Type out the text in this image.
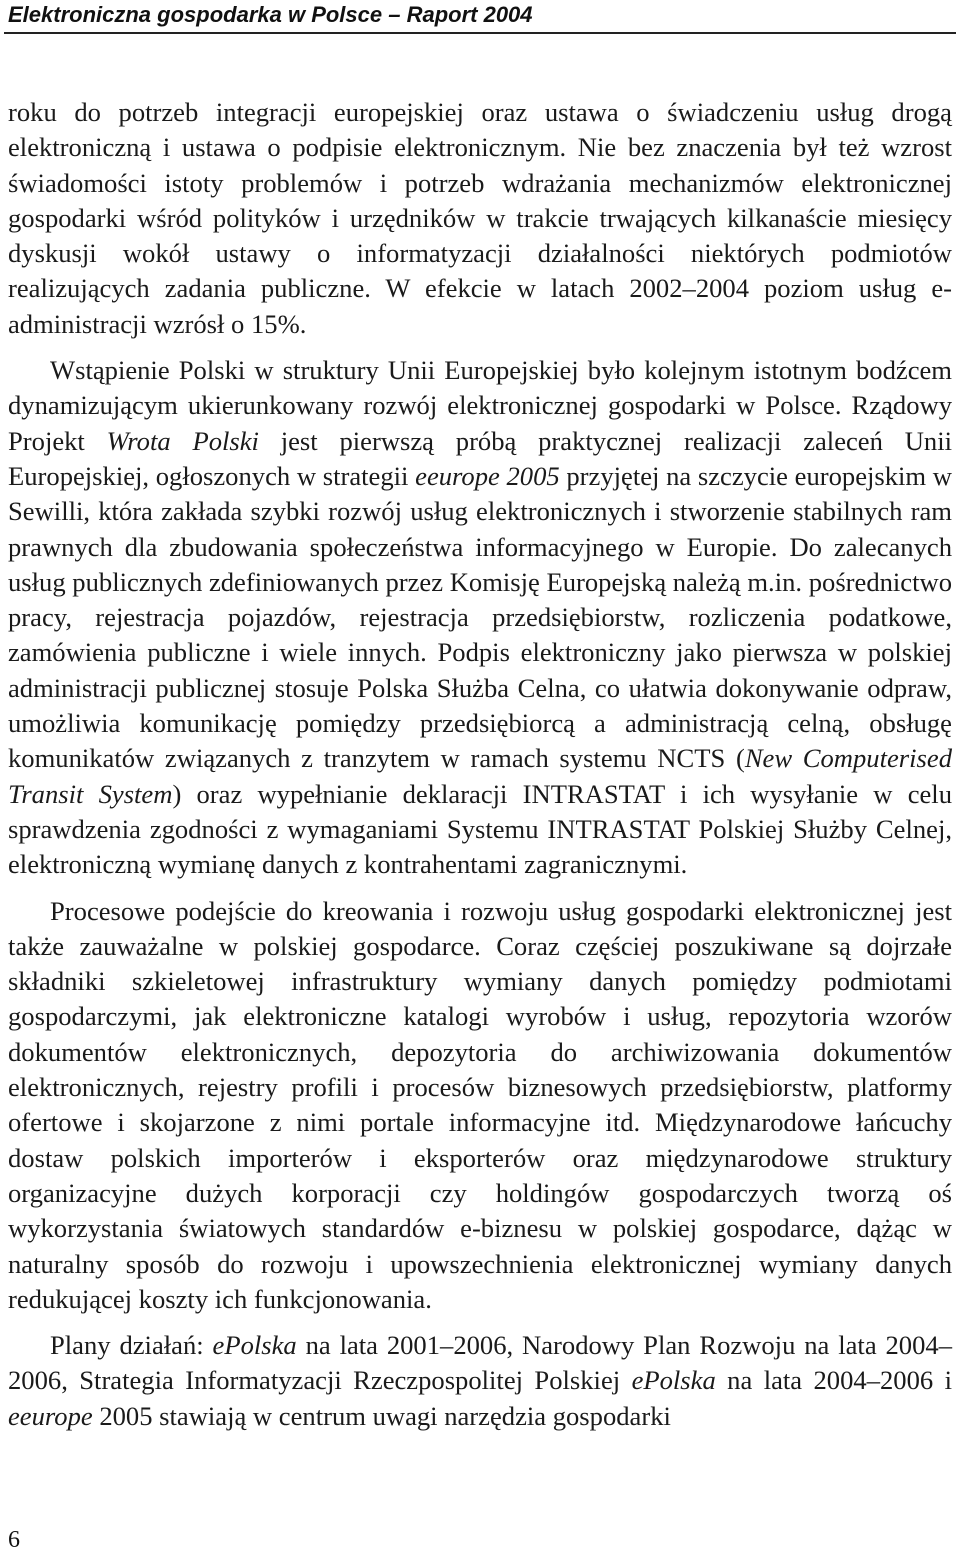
Elektroniczna gospodarka w Polsce – Raport 2004

roku do potrzeb integracji europejskiej oraz ustawa o świadczeniu usług drogą elektroniczną i ustawa o podpisie elektronicznym. Nie bez znaczenia był też wzrost świadomości istoty problemów i potrzeb wdrażania mechanizmów elektronicznej gospodarki wśród polityków i urzędników w trakcie trwających kilkanaście miesięcy dyskusji wokół ustawy o informatyzacji działalności niektórych podmiotów realizujących zadania publiczne. W efekcie w latach 2002–2004 poziom usług e-administracji wzrósł o 15%.

Wstąpienie Polski w struktury Unii Europejskiej było kolejnym istotnym bodźcem dynamizującym ukierunkowany rozwój elektronicznej gospodarki w Polsce. Rządowy Projekt Wrota Polski jest pierwszą próbą praktycznej realizacji zaleceń Unii Europejskiej, ogłoszonych w strategii eeurope 2005 przyjętej na szczycie europejskim w Sewilli, która zakłada szybki rozwój usług elektronicznych i stworzenie stabilnych ram prawnych dla zbudowania społeczeństwa informacyjnego w Europie. Do zalecanych usług publicznych zdefiniowanych przez Komisję Europejską należą m.in. pośrednictwo pracy, rejestracja pojazdów, rejestracja przedsiębiorstw, rozliczenia podatkowe, zamówienia publiczne i wiele innych. Podpis elektroniczny jako pierwsza w polskiej administracji publicznej stosuje Polska Służba Celna, co ułatwia dokonywanie odpraw, umożliwia komunikację pomiędzy przedsiębiorcą a administracją celną, obsługę komunikatów związanych z tranzytem w ramach systemu NCTS (New Computerised Transit System) oraz wypełnianie deklaracji INTRASTAT i ich wysyłanie w celu sprawdzenia zgodności z wymaganiami Systemu INTRASTAT Polskiej Służby Celnej, elektroniczną wymianę danych z kontrahentami zagranicznymi.

Procesowe podejście do kreowania i rozwoju usług gospodarki elektronicznej jest także zauważalne w polskiej gospodarce. Coraz częściej poszukiwane są dojrzałe składniki szkieletowej infrastruktury wymiany danych pomiędzy podmiotami gospodarczymi, jak elektroniczne katalogi wyrobów i usług, repozytoria wzorów dokumentów elektronicznych, depozytoria do archiwizowania dokumentów elektronicznych, rejestry profili i procesów biznesowych przedsiębiorstw, platformy ofertowe i skojarzone z nimi portale informacyjne itd. Międzynarodowe łańcuchy dostaw polskich importerów i eksporterów oraz międzynarodowe struktury organizacyjne dużych korporacji czy holdingów gospodarczych tworzą oś wykorzystania światowych standardów e-biznesu w polskiej gospodarce, dążąc w naturalny sposób do rozwoju i upowszechnienia elektronicznej wymiany danych redukującej koszty ich funkcjonowania.

Plany działań: ePolska na lata 2001–2006, Narodowy Plan Rozwoju na lata 2004–2006, Strategia Informatyzacji Rzeczpospolitej Polskiej ePolska na lata 2004–2006 i eeurope 2005 stawiają w centrum uwagi narzędzia gospodarki

6
